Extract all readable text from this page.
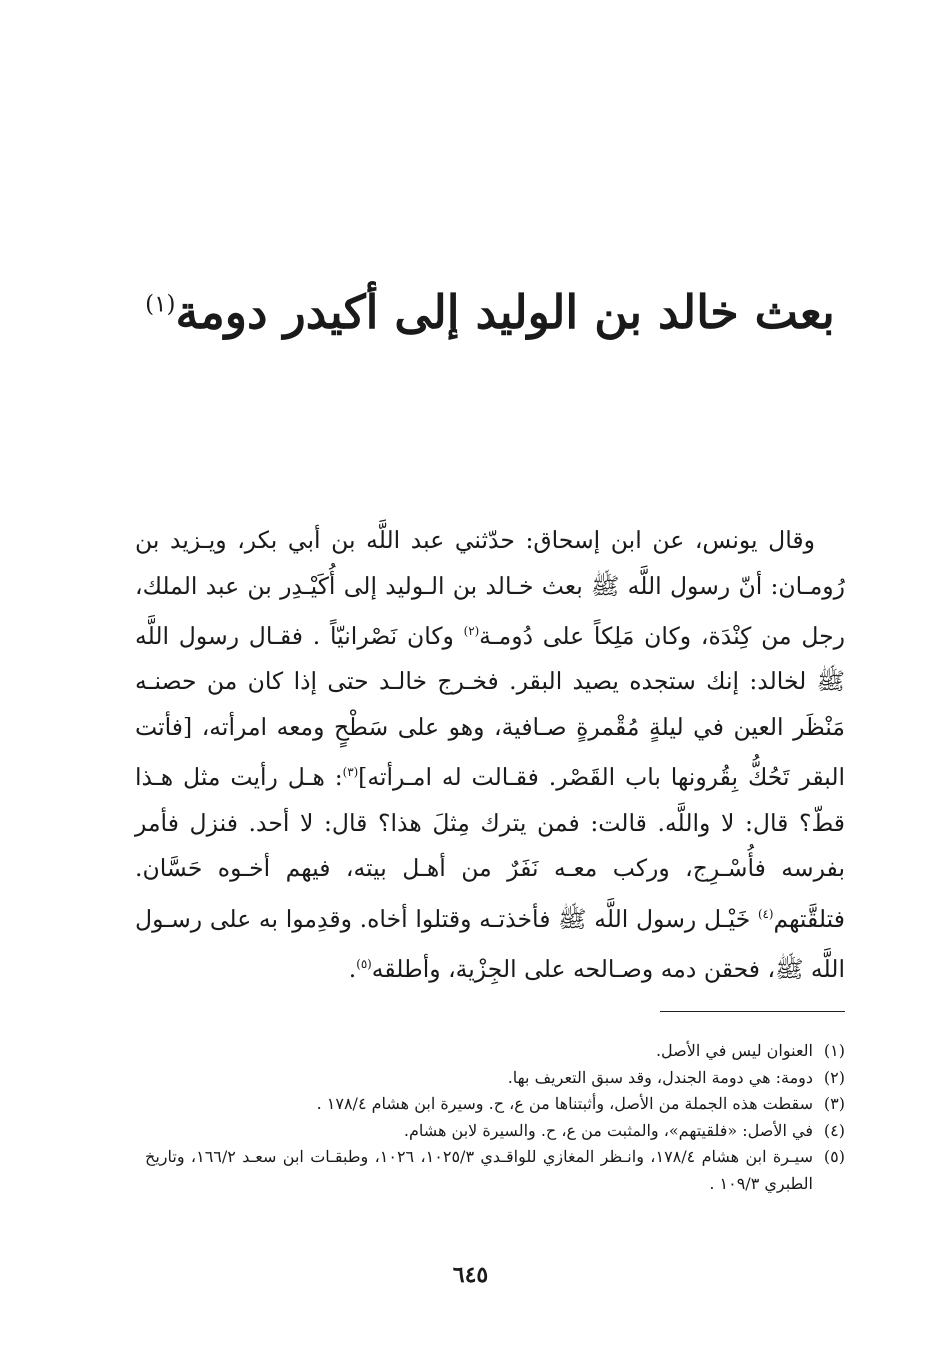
بعث خالد بن الوليد إلى أكيدر دومة$^{(١)}$

وقال يونس، عن ابن إسحاق: حدّثني عبد اللَّه بن أبي بكر، ويـزيد بن رُومـان: أنّ رسول اللَّه ﷺ بعث خـالد بن الـوليد إلى أُكَيْـدِر بن عبد الملك، رجل من كِنْدَة، وكان مَلِكاً على دُومـة$^{(٢)}$ وكان نَصْرانيّاً . فقـال رسول اللَّه ﷺ لخالد: إنك ستجده يصيد البقر. فخـرج خالـد حتى إذا كان من حصنـه مَنْظَر العين في ليلةٍ مُقْمرةٍ صـافية، وهو على سَطْحٍ ومعه امرأته، [فأتت البقر تَحُكُّ بِقُرونها باب القَصْر. فقـالت له امـرأته]$^{(٣)}$: هـل رأيت مثل هـذا قطّ؟ قال: لا واللَّه. قالت: فمن يترك مِثلَ هذا؟ قال: لا أحد. فنزل فأمر بفرسه فأُسْـرِج، وركب معـه نَفَرٌ من أهـل بيته، فيهم أخـوه حَسَّان. فتلقَّتهم$^{(٤)}$ خَيْـل رسول اللَّه ﷺ فأخذتـه وقتلوا أخاه. وقدِموا به على رسـول اللَّه ﷺ، فحقن دمه وصـالحه على الجِزْية، وأطلقه$^{(٥)}$.

(١)
العنوان ليس في الأصل.
(٢)
دومة: هي دومة الجندل، وقد سبق التعريف بها.
(٣)
سقطت هذه الجملة من الأصل، وأثبتناها من ع، ح. وسيرة ابن هشام ١٧٨/٤ .
(٤)
في الأصل: «فلقيتهم»، والمثبت من ع، ح. والسيرة لابن هشام.
(٥)
سيـرة ابن هشام ١٧٨/٤، وانـظر المغازي للواقـدي ١٠٢٥/٣، ١٠٢٦، وطبقـات ابن سعـد ١٦٦/٢، وتاريخ الطبري ١٠٩/٣ .
٦٤٥
